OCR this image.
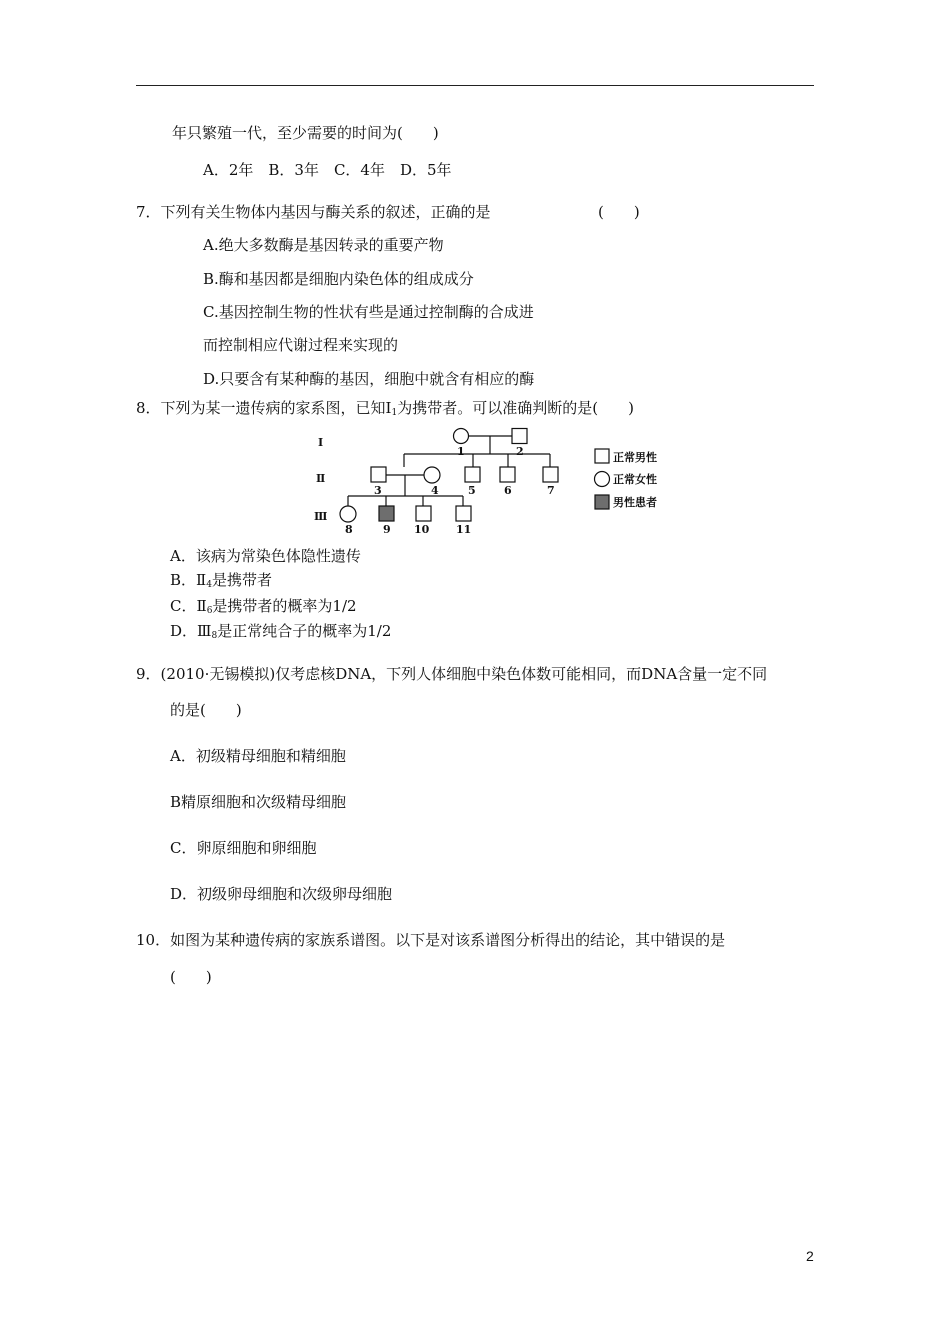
年只繁殖一代，至少需要的时间为(　　)
A．2年　B．3年　C．4年　D．5年
7．下列有关生物体内基因与酶关系的叙述，正确的是	(　　)
A.绝大多数酶是基因转录的重要产物
B.酶和基因都是细胞内染色体的组成成分
C.基因控制生物的性状有些是通过控制酶的合成进
而控制相应代谢过程来实现的
D.只要含有某种酶的基因，细胞中就含有相应的酶
8．下列为某一遗传病的家系图，已知$Ⅰ_1$为携带者。可以准确判断的是(　　)
Ⅰ
Ⅱ
Ⅲ
1	2
3	4	5	6	7
8	9 10 11
正常男性
正常女性
男性患者
A．该病为常染色体隐性遗传
B．$Ⅱ_4$是携带者
C．$Ⅱ_6$是携带者的概率为1/2
D．$Ⅲ_8$是正常纯合子的概率为1/2
9．(2010·无锡模拟)仅考虑核DNA，下列人体细胞中染色体数可能相同，而DNA含量一定不同
的是(　　)
A．初级精母细胞和精细胞
B精原细胞和次级精母细胞
C．卵原细胞和卵细胞
D．初级卵母细胞和次级卵母细胞
10．如图为某种遗传病的家族系谱图。以下是对该系谱图分析得出的结论，其中错误的是
(　　)
2
